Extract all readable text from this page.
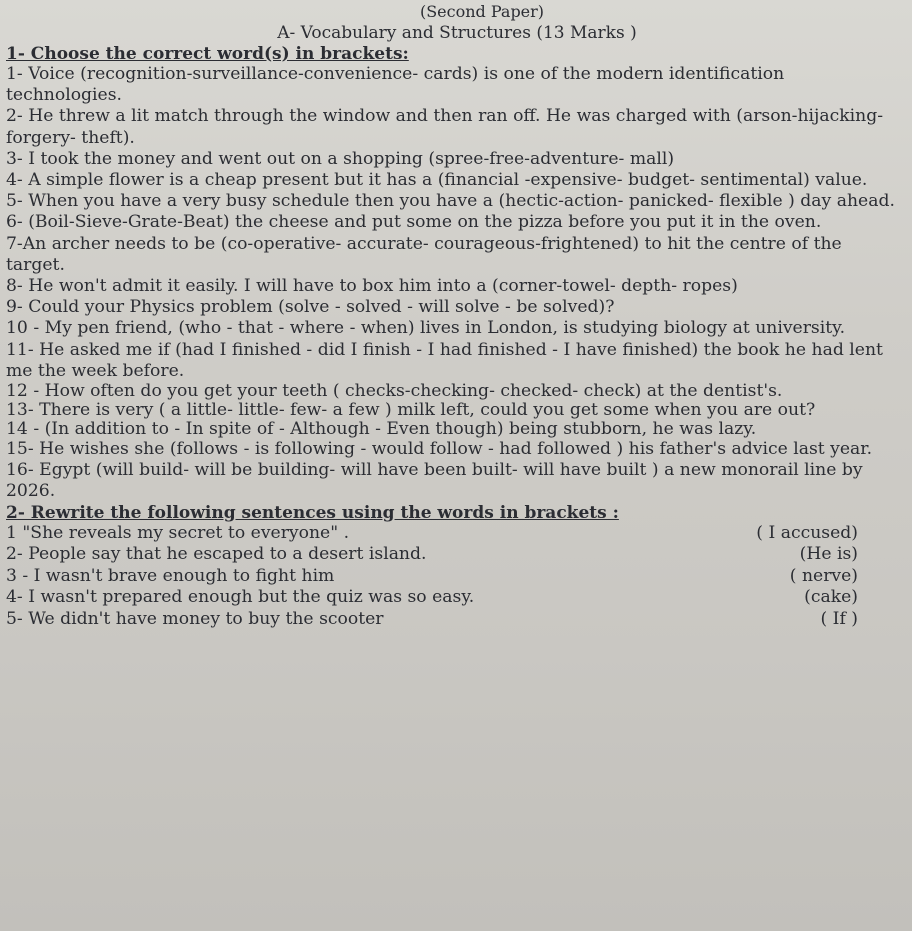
(Second Paper)
A- Vocabulary and Structures (13 Marks )
1- Choose the correct word(s) in brackets:

1- Voice (recognition-surveillance-convenience- cards) is one of the modern identification technologies.

2- He threw a lit match through the window and then ran off. He was charged with (arson-hijacking- forgery- theft).

3- I took the money and went out on a shopping (spree-free-adventure- mall)

4- A simple flower is a cheap present but it has a (financial -expensive- budget- sentimental) value.

5- When you have a very busy schedule then you have a (hectic-action- panicked- flexible ) day ahead.

6- (Boil-Sieve-Grate-Beat) the cheese and put some on the pizza before you put it in the oven.

7-An archer needs to be (co-operative- accurate- courageous-frightened) to hit the centre of the target.

8- He won't admit it easily. I will have to box him into a (corner-towel- depth- ropes)

9- Could your Physics problem (solve - solved - will solve - be solved)?

10 - My pen friend, (who - that - where - when) lives in London, is studying biology at university.

11- He asked me if (had I finished - did I finish - I had finished - I have finished) the book he had lent me the week before.

12 - How often do you get your teeth ( checks-checking- checked- check) at the dentist's.

13- There is very ( a little- little- few- a few ) milk left, could you get some when you are out?

14 - (In addition to - In spite of - Although - Even though) being stubborn, he was lazy.

15- He wishes she (follows - is following - would follow - had followed ) his father's advice last year.

16- Egypt (will build- will be building- will have been built- will have built ) a new monorail line by 2026.

2- Rewrite the following sentences using the words in brackets :
1 "She reveals my secret to everyone" .	( I accused)
2- People say that he escaped to a desert island.	(He is)
3 - I wasn't brave enough to fight him	( nerve)
4- I wasn't prepared enough but the quiz was so easy.	(cake)
5- We didn't have money to buy the scooter	( If )
